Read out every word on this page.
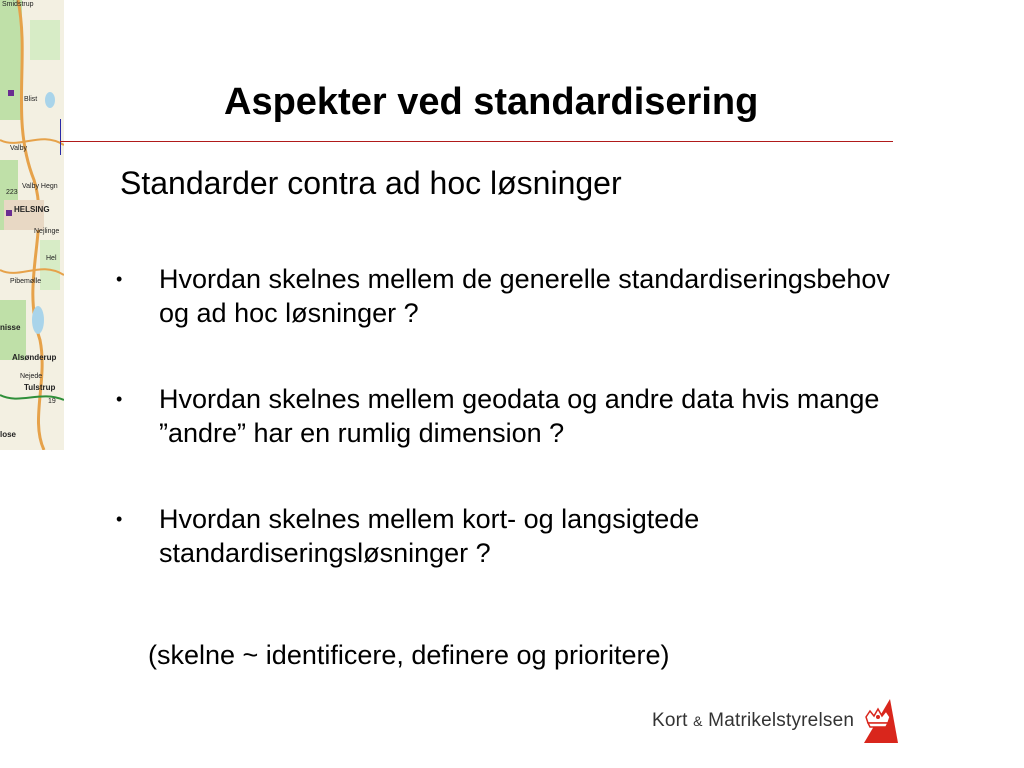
Smidstrup
Blist
Valby
Valby Hegn
223
HELSING
Nejlinge
Hel
Pibemølle
nisse
Alsønderup
Nejede
Tulstrup
19
lose
Aspekter ved standardisering

Standarder contra ad hoc løsninger

• Hvordan skelnes mellem de generelle standardiseringsbehov og ad hoc løsninger ?
• Hvordan skelnes mellem geodata og andre data hvis mange ”andre” har en rumlig dimension ?
• Hvordan skelnes mellem kort- og langsigtede standardiseringsløsninger ?

(skelne ~ identificere, definere og prioritere)

Kort & Matrikelstyrelsen
